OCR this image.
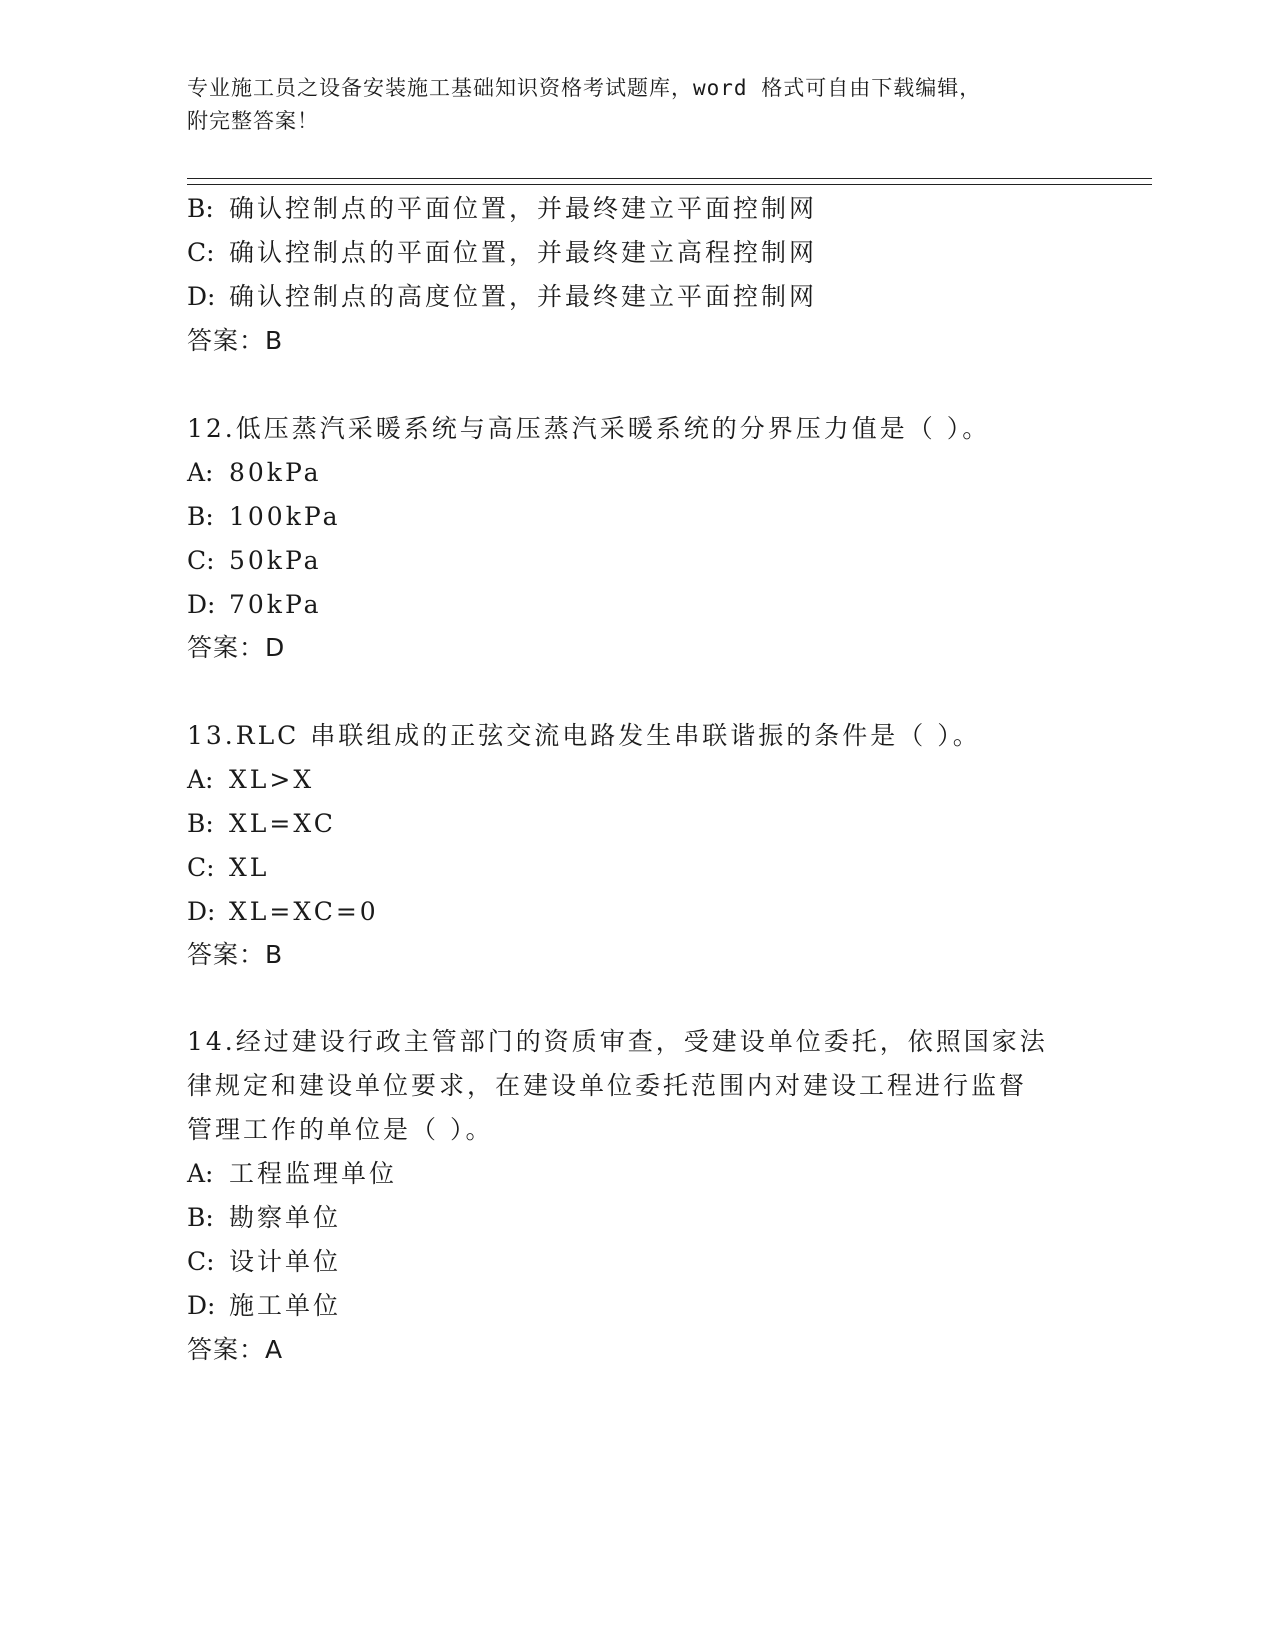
专业施工员之设备安装施工基础知识资格考试题库，word 格式可自由下载编辑，
附完整答案！
B: 确认控制点的平面位置，并最终建立平面控制网
C: 确认控制点的平面位置，并最终建立高程控制网
D: 确认控制点的高度位置，并最终建立平面控制网
答案：B
12.低压蒸汽采暖系统与高压蒸汽采暖系统的分界压力值是（ ）。
A: 80kPa
B: 100kPa
C: 50kPa
D: 70kPa
答案：D
13.RLC 串联组成的正弦交流电路发生串联谐振的条件是（ ）。
A: XL>X
B: XL=XC
C: XL
D: XL=XC=0
答案：B
14.经过建设行政主管部门的资质审查，受建设单位委托，依照国家法
律规定和建设单位要求，在建设单位委托范围内对建设工程进行监督
管理工作的单位是（ ）。
A: 工程监理单位
B: 勘察单位
C: 设计单位
D: 施工单位
答案：A
